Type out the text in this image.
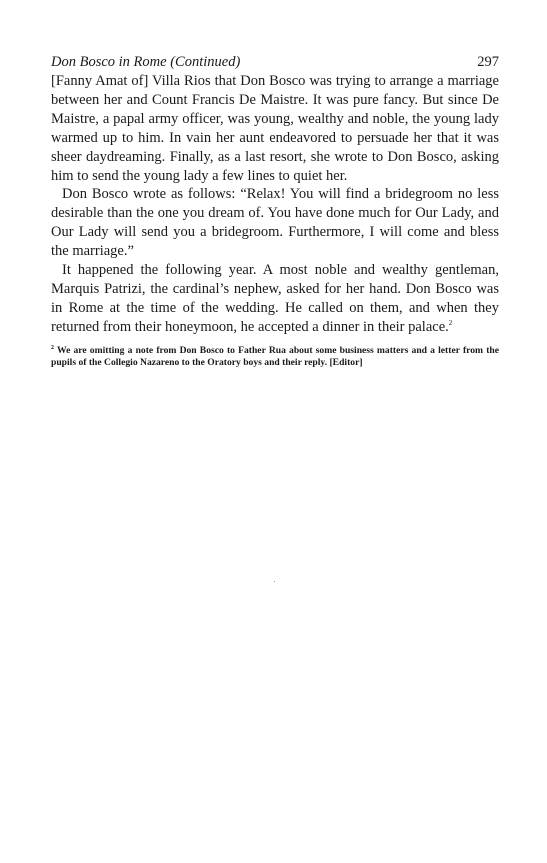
Don Bosco in Rome (Continued)	297

[Fanny Amat of] Villa Rios that Don Bosco was trying to arrange a marriage between her and Count Francis De Maistre. It was pure fancy. But since De Maistre, a papal army officer, was young, wealthy and noble, the young lady warmed up to him. In vain her aunt endeavored to persuade her that it was sheer daydreaming. Finally, as a last resort, she wrote to Don Bosco, asking him to send the young lady a few lines to quiet her.

Don Bosco wrote as follows: “Relax! You will find a bridegroom no less desirable than the one you dream of. You have done much for Our Lady, and Our Lady will send you a bridegroom. Furthermore, I will come and bless the marriage.”

It happened the following year. A most noble and wealthy gentleman, Marquis Patrizi, the cardinal’s nephew, asked for her hand. Don Bosco was in Rome at the time of the wedding. He called on them, and when they returned from their honeymoon, he accepted a dinner in their palace.$^2$

$^2$ We are omitting a note from Don Bosco to Father Rua about some business matters and a letter from the pupils of the Collegio Nazareno to the Oratory boys and their reply. [Editor]
